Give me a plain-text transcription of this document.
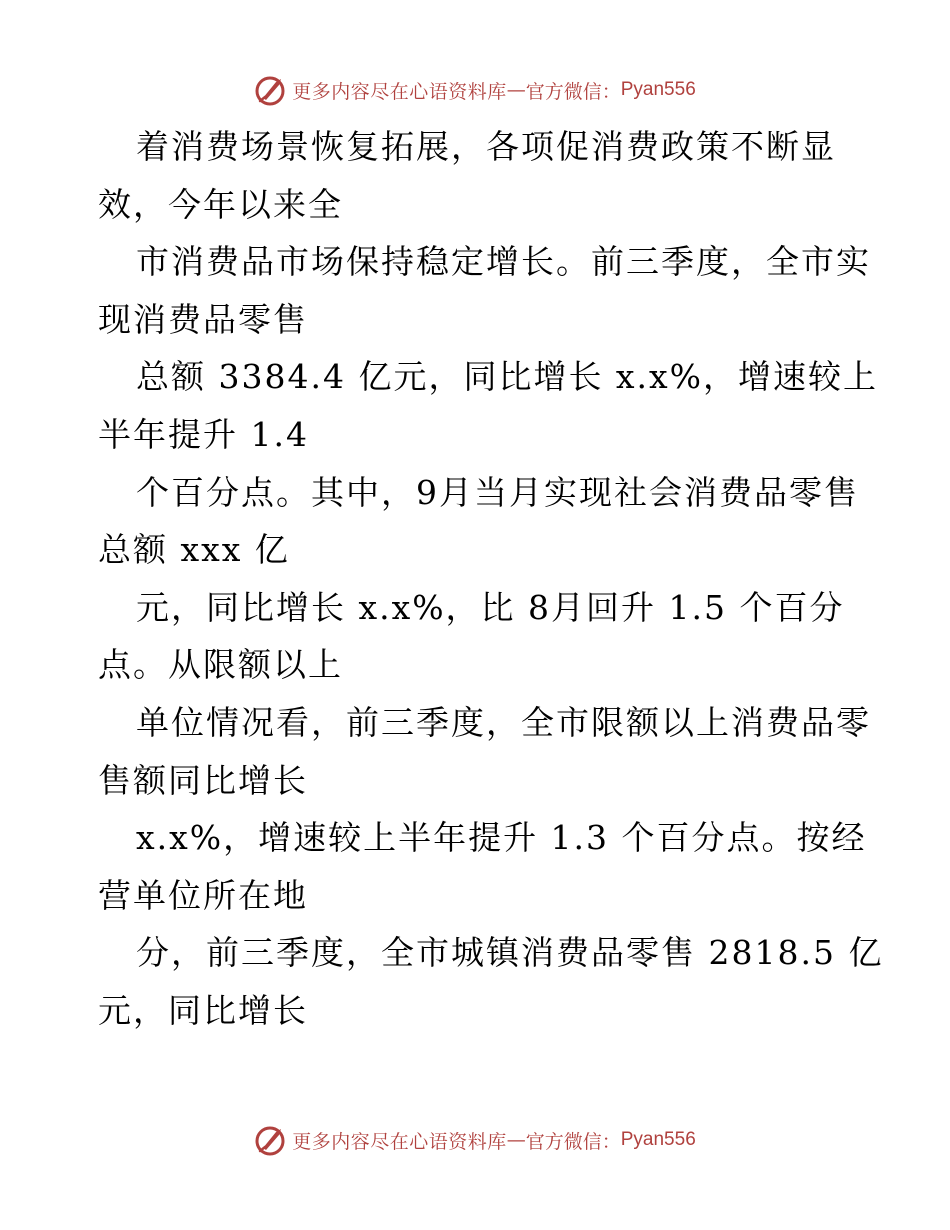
更多内容尽在心语资料库 — 官方微信： Pyan556
着消费场景恢复拓展，各项促消费政策不断显
效，今年以来全
市消费品市场保持稳定增长。前三季度，全市实
现消费品零售
总额 3384.4 亿元，同比增长 x.x%，增速较上
半年提升 1.4
个百分点。其中，9月当月实现社会消费品零售
总额 xxx 亿
元，同比增长 x.x%，比 8月回升 1.5 个百分
点。从限额以上
单位情况看，前三季度，全市限额以上消费品零
售额同比增长
x.x%，增速较上半年提升 1.3 个百分点。按经
营单位所在地
分，前三季度，全市城镇消费品零售 2818.5 亿
元，同比增长
更多内容尽在心语资料库 — 官方微信： Pyan556
